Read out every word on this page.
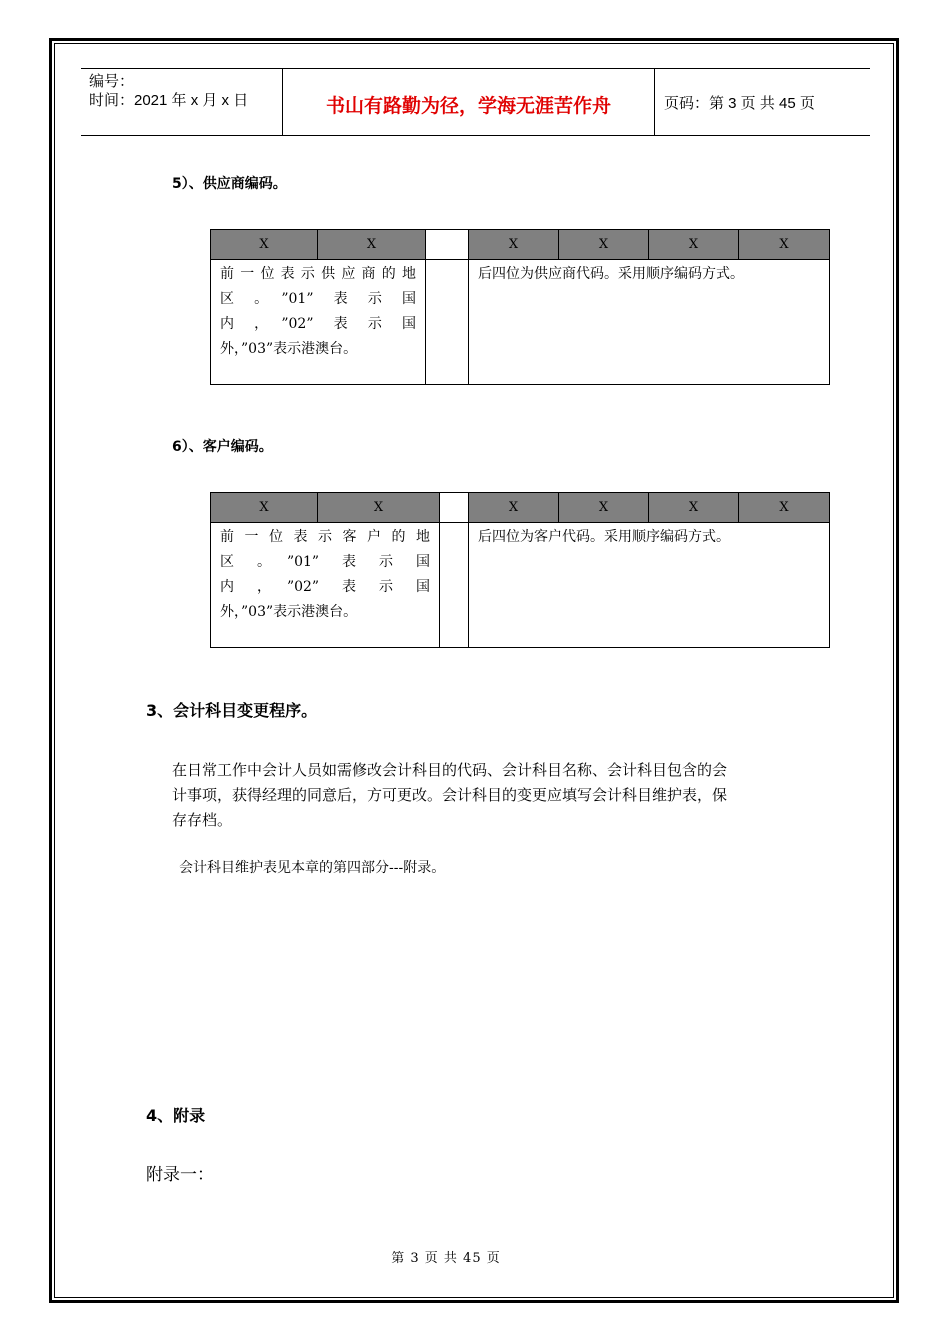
编号：
时间：2021 年 x 月 x 日	书山有路勤为径，学海无涯苦作舟	页码：第 3 页 共 45 页
5）、供应商编码。
X	X		X	X	X	X

前一位表示供应商的地
区。”01”表示国
内，”02”表示国
外，”03”表示港澳台。			后四位为供应商代码。采用顺序编码方式。			
6）、客户编码。
X	X		X	X	X	X

前一位表示客户的地
区。”01”表示国
内，”02”表示国
外，”03”表示港澳台。			后四位为客户代码。采用顺序编码方式。			
3、会计科目变更程序。
在日常工作中会计人员如需修改会计科目的代码、会计科目名称、会计科目包含的会
计事项，获得经理的同意后，方可更改。会计科目的变更应填写会计科目维护表，保
存存档。
会计科目维护表见本章的第四部分---附录。
4、附录
附录一：
第 3 页 共 45 页
